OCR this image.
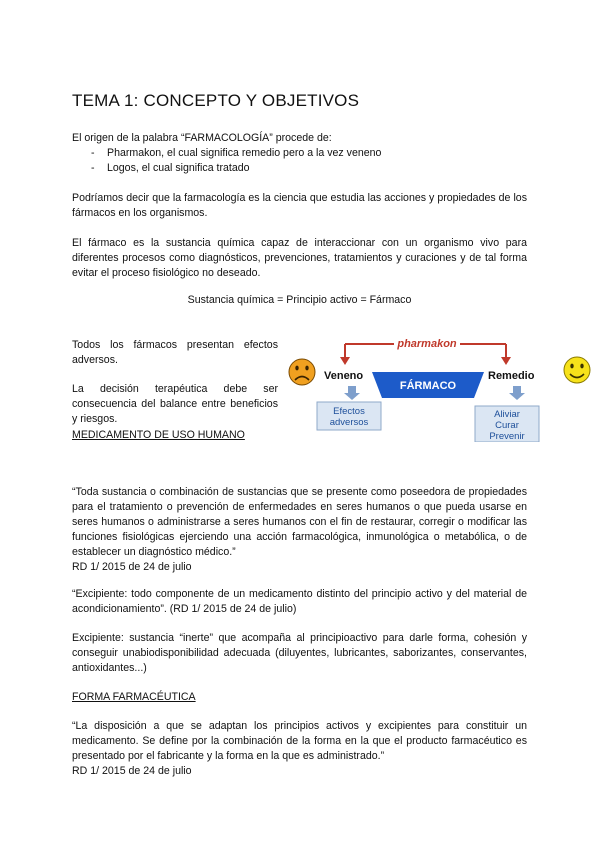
TEMA 1: CONCEPTO Y OBJETIVOS
El origen de la palabra “FARMACOLOGÍA” procede de:
- Pharmakon, el cual significa remedio pero a la vez veneno
- Logos, el cual significa tratado
Podríamos decir que la farmacología es la ciencia que estudia las acciones y propiedades de los fármacos en los organismos.
El fármaco es la sustancia química capaz de interaccionar con un organismo vivo para diferentes procesos como diagnósticos, prevenciones, tratamientos y curaciones y de tal forma evitar el proceso fisiológico no deseado.
Sustancia química = Principio activo = Fármaco
Todos los fármacos presentan efectos adversos.
La decisión terapéutica debe ser consecuencia del balance entre beneficios y riesgos.
pharmakon
FÁRMACO
Veneno	Remedio
Efectos
adversos
Aliviar
Curar
Prevenir
MEDICAMENTO DE USO HUMANO
“Toda sustancia o combinación de sustancias que se presente como poseedora de propiedades para el tratamiento o prevención de enfermedades en seres humanos o que pueda usarse en seres humanos o administrarse a seres humanos con el fin de restaurar, corregir o modificar las funciones fisiológicas ejerciendo una acción farmacológica, inmunológica o metabólica, o de establecer un diagnóstico médico.”
RD 1/ 2015 de 24 de julio
“Excipiente: todo componente de un medicamento distinto del principio activo y del material de acondicionamiento”. (RD 1/ 2015 de 24 de julio)
Excipiente: sustancia “inerte” que acompaña al principioactivo para darle forma, cohesión y conseguir unabiodisponibilidad adecuada (diluyentes, lubricantes, saborizantes, conservantes, antioxidantes...)
FORMA FARMACÉUTICA
“La disposición a que se adaptan los principios activos y excipientes para constituir un medicamento. Se define por la combinación de la forma en la que el producto farmacéutico es presentado por el fabricante y la forma en la que es administrado.”
RD 1/ 2015 de 24 de julio
